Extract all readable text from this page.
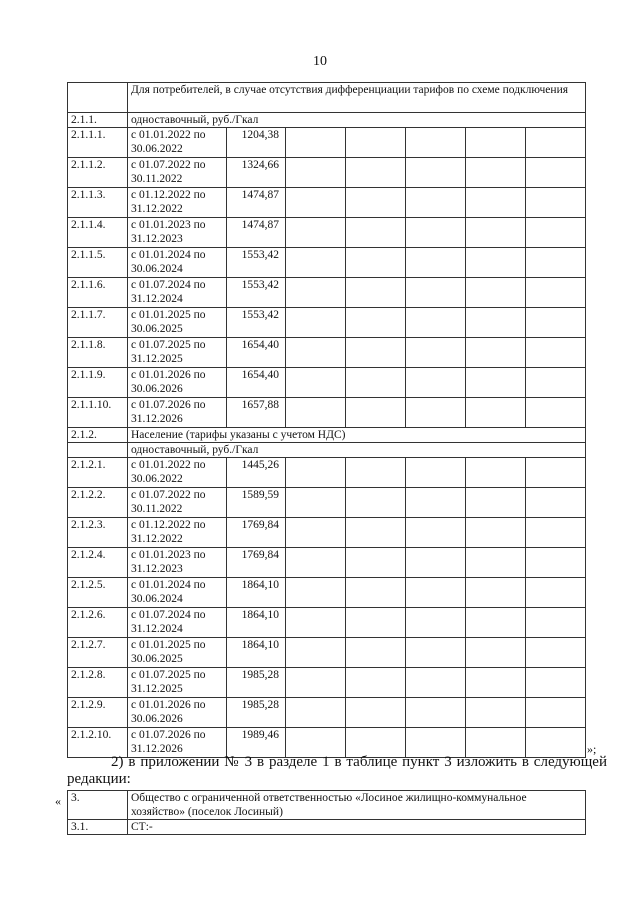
10
	Для потребителей, в случае отсутствия дифференциации тарифов по схеме подключения						
2.1.1.	одноставочный, руб./Гкал						
2.1.1.1.	с 01.01.2022 по 30.06.2022	1204,38					
2.1.1.2.	с 01.07.2022 по 30.11.2022	1324,66					
2.1.1.3.	с 01.12.2022 по 31.12.2022	1474,87					
2.1.1.4.	с 01.01.2023 по 31.12.2023	1474,87					
2.1.1.5.	с 01.01.2024 по 30.06.2024	1553,42					
2.1.1.6.	с 01.07.2024 по 31.12.2024	1553,42					
2.1.1.7.	с 01.01.2025 по 30.06.2025	1553,42					
2.1.1.8.	с 01.07.2025 по 31.12.2025	1654,40					
2.1.1.9.	с 01.01.2026 по 30.06.2026	1654,40					
2.1.1.10.	с 01.07.2026 по 31.12.2026	1657,88					
2.1.2.	Население (тарифы указаны с учетом НДС)						
	одноставочный, руб./Гкал						
2.1.2.1.	с 01.01.2022 по 30.06.2022	1445,26					
2.1.2.2.	с 01.07.2022 по 30.11.2022	1589,59					
2.1.2.3.	с 01.12.2022 по 31.12.2022	1769,84					
2.1.2.4.	с 01.01.2023 по 31.12.2023	1769,84					
2.1.2.5.	с 01.01.2024 по 30.06.2024	1864,10					
2.1.2.6.	с 01.07.2024 по 31.12.2024	1864,10					
2.1.2.7.	с 01.01.2025 по 30.06.2025	1864,10					
2.1.2.8.	с 01.07.2025 по 31.12.2025	1985,28					
2.1.2.9.	с 01.01.2026 по 30.06.2026	1985,28					
2.1.2.10.	с 01.07.2026 по 31.12.2026	1989,46					
»;
2) в приложении № 3 в разделе 1 в таблице пункт 3 изложить в следующей редакции:
« 3.	Общество с ограниченной ответственностью «Лосиное жилищно-коммунальное хозяйство» (поселок Лосиный)
3.1.	СТ:-
